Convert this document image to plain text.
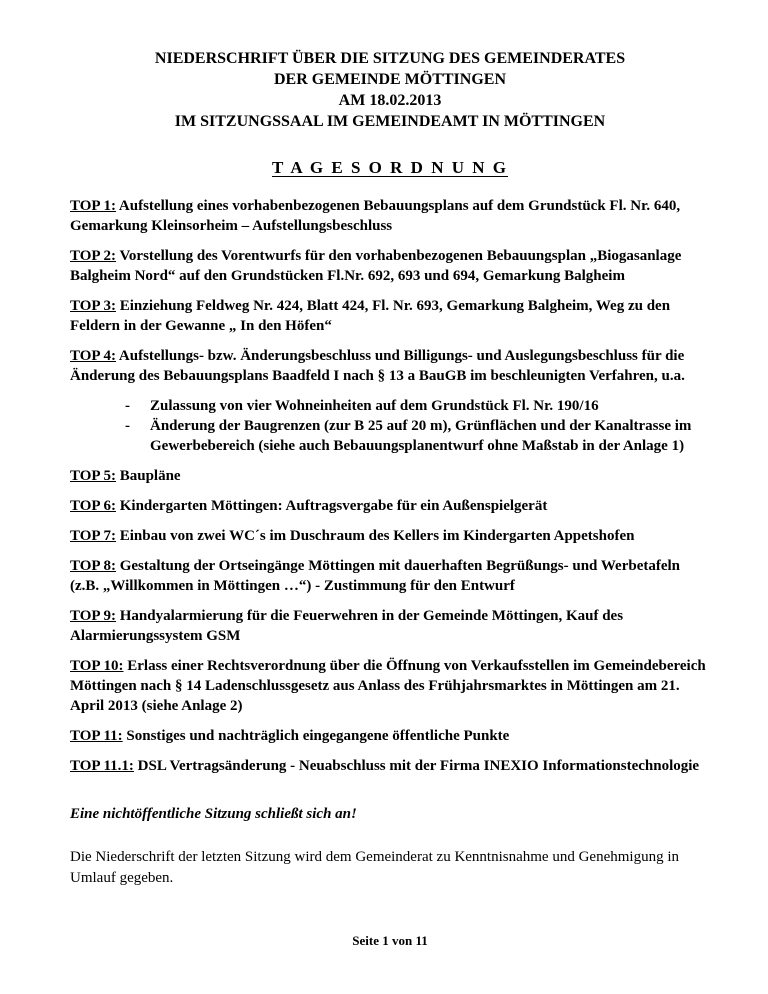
NIEDERSCHRIFT ÜBER DIE SITZUNG DES GEMEINDERATES
DER GEMEINDE MÖTTINGEN
AM 18.02.2013
IM SITZUNGSSAAL IM GEMEINDEAMT IN MÖTTINGEN
T A G E S O R D N U N G

TOP 1: Aufstellung eines vorhabenbezogenen Bebauungsplans auf dem Grundstück Fl. Nr. 640, Gemarkung Kleinsorheim – Aufstellungsbeschluss

TOP 2: Vorstellung des Vorentwurfs für den vorhabenbezogenen Bebauungsplan „Biogasanlage Balgheim Nord“ auf den Grundstücken Fl.Nr. 692, 693 und 694, Gemarkung Balgheim

TOP 3: Einziehung Feldweg Nr. 424, Blatt 424, Fl. Nr. 693, Gemarkung Balgheim, Weg zu den Feldern in der Gewanne „ In den Höfen“

TOP 4: Aufstellungs- bzw. Änderungsbeschluss und Billigungs- und Auslegungsbeschluss für die Änderung des Bebauungsplans Baadfeld I nach § 13 a BauGB im beschleunigten Verfahren, u.a.

-	Zulassung von vier Wohneinheiten auf dem Grundstück Fl. Nr. 190/16
-	Änderung der Baugrenzen (zur B 25 auf 20 m), Grünflächen und der Kanaltrasse im Gewerbebereich (siehe auch Bebauungsplanentwurf ohne Maßstab in der Anlage 1)

TOP 5: Baupläne

TOP 6: Kindergarten Möttingen: Auftragsvergabe für ein Außenspielgerät

TOP 7: Einbau von zwei WC´s im Duschraum des Kellers im Kindergarten Appetshofen

TOP 8: Gestaltung der Ortseingänge Möttingen mit dauerhaften Begrüßungs- und Werbetafeln (z.B. „Willkommen in Möttingen …“) - Zustimmung für den Entwurf

TOP 9: Handyalarmierung für die Feuerwehren in der Gemeinde Möttingen, Kauf des Alarmierungssystem GSM

TOP 10: Erlass einer Rechtsverordnung über die Öffnung von Verkaufsstellen im Gemeindebereich Möttingen nach § 14 Ladenschlussgesetz aus Anlass des Frühjahrsmarktes in Möttingen am 21. April 2013 (siehe Anlage 2)

TOP 11: Sonstiges und nachträglich eingegangene öffentliche Punkte

TOP 11.1: DSL Vertragsänderung - Neuabschluss mit der Firma INEXIO Informationstechnologie

Eine nichtöffentliche Sitzung schließt sich an!

Die Niederschrift der letzten Sitzung wird dem Gemeinderat zu Kenntnisnahme und Genehmigung in Umlauf gegeben.

Seite 1 von 11
